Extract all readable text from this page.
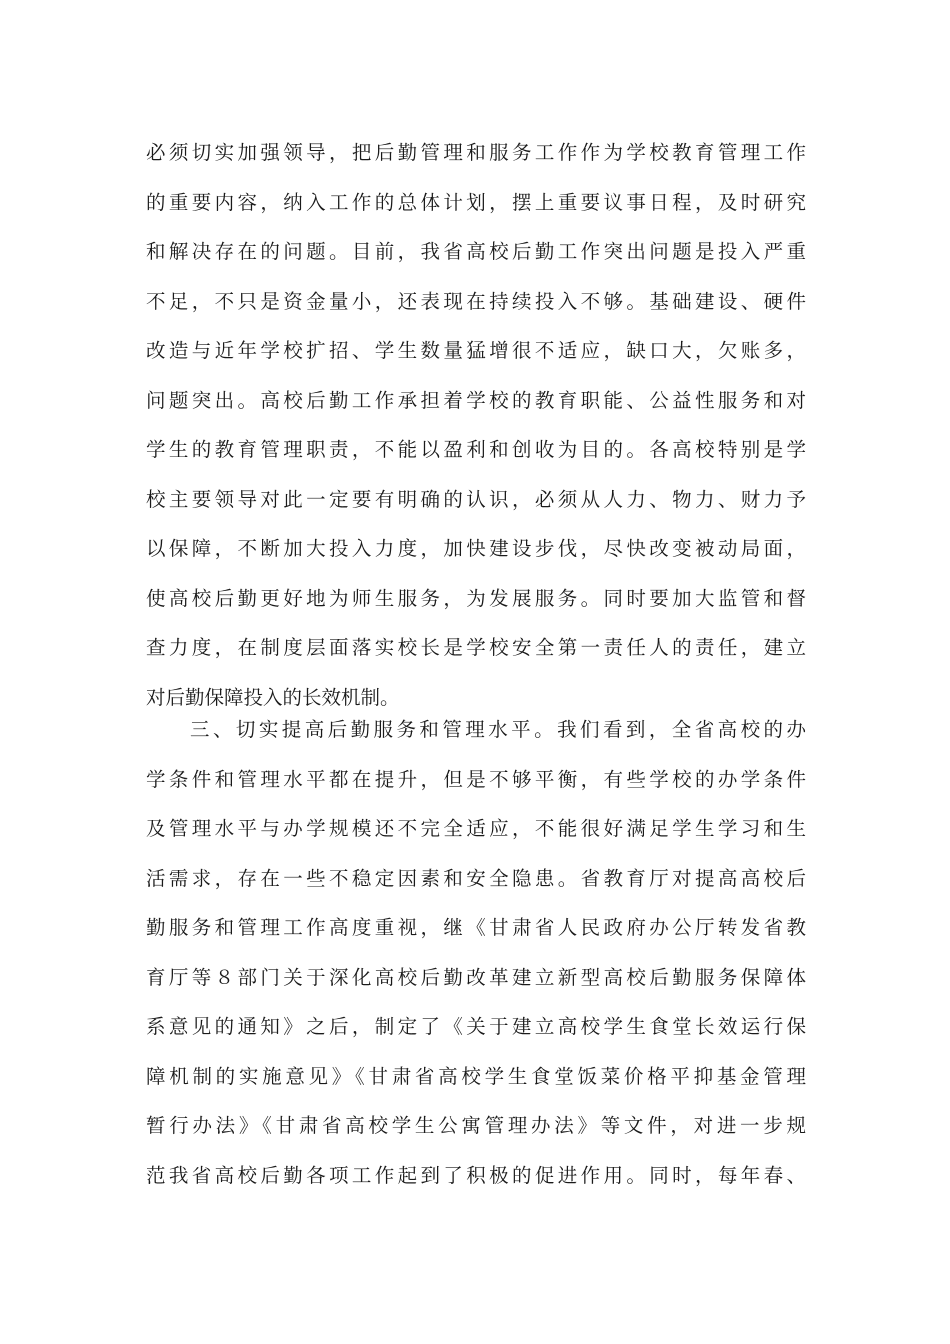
必须切实加强领导，把后勤管理和服务工作作为学校教育管理工作
的重要内容，纳入工作的总体计划，摆上重要议事日程，及时研究
和解决存在的问题。目前，我省高校后勤工作突出问题是投入严重
不足，不只是资金量小，还表现在持续投入不够。基础建设、硬件
改造与近年学校扩招、学生数量猛增很不适应，缺口大，欠账多，
问题突出。高校后勤工作承担着学校的教育职能、公益性服务和对
学生的教育管理职责，不能以盈利和创收为目的。各高校特别是学
校主要领导对此一定要有明确的认识，必须从人力、物力、财力予
以保障，不断加大投入力度，加快建设步伐，尽快改变被动局面，
使高校后勤更好地为师生服务，为发展服务。同时要加大监管和督
查力度，在制度层面落实校长是学校安全第一责任人的责任，建立
对后勤保障投入的长效机制。
三、切实提高后勤服务和管理水平。我们看到，全省高校的办
学条件和管理水平都在提升，但是不够平衡，有些学校的办学条件
及管理水平与办学规模还不完全适应，不能很好满足学生学习和生
活需求，存在一些不稳定因素和安全隐患。省教育厅对提高高校后
勤服务和管理工作高度重视，继《甘肃省人民政府办公厅转发省教
育厅等８部门关于深化高校后勤改革建立新型高校后勤服务保障体
系意见的通知》之后，制定了《关于建立高校学生食堂长效运行保
障机制的实施意见》《甘肃省高校学生食堂饭菜价格平抑基金管理
暂行办法》《甘肃省高校学生公寓管理办法》等文件，对进一步规
范我省高校后勤各项工作起到了积极的促进作用。同时，每年春、
